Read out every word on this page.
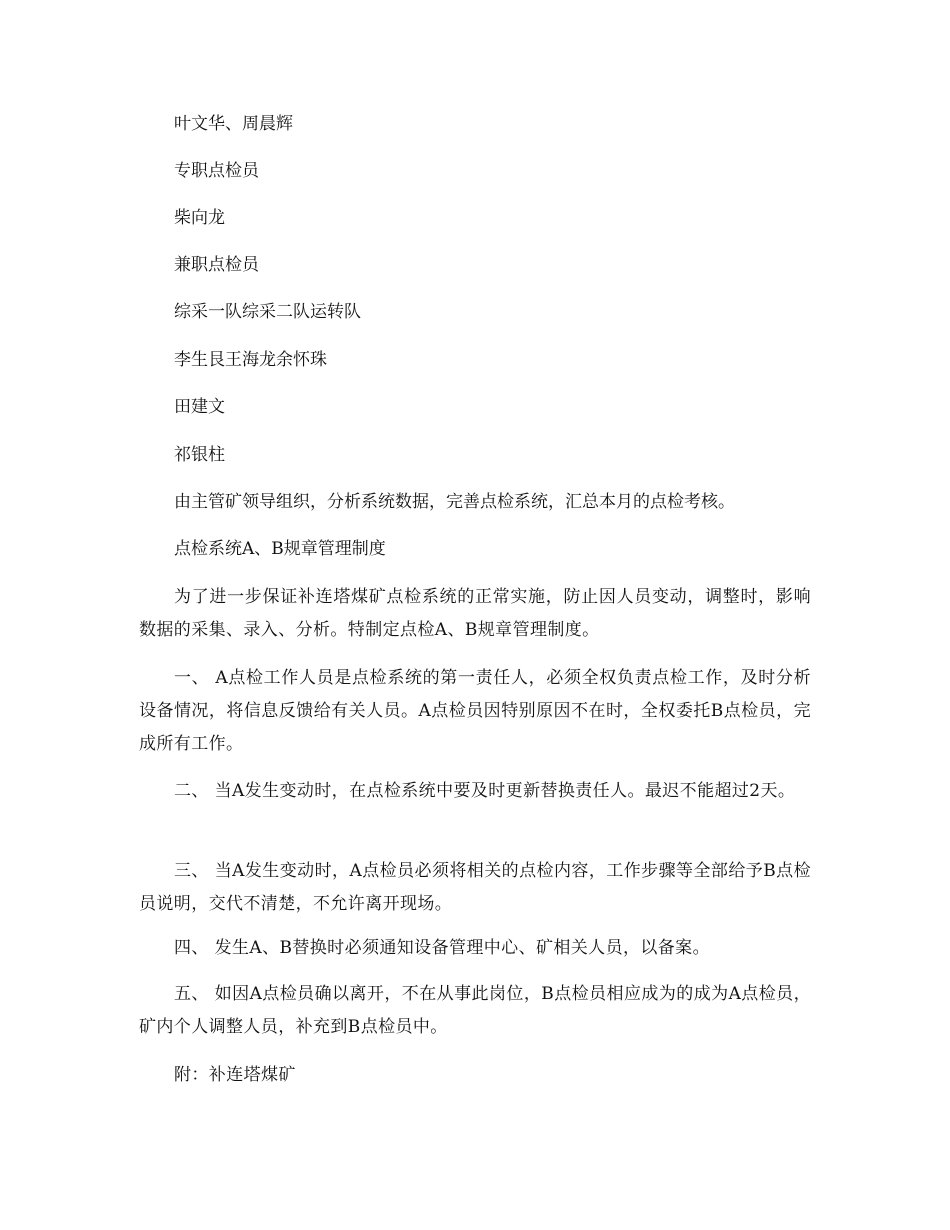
叶文华、周晨辉
专职点检员
柴向龙
兼职点检员
综采一队综采二队运转队
李生艮王海龙余怀珠
田建文
祁银柱
由主管矿领导组织，分析系统数据，完善点检系统，汇总本月的点检考核。
点检系统A、B规章管理制度
为了进一步保证补连塔煤矿点检系统的正常实施，防止因人员变动，调整时，影响数据的采集、录入、分析。特制定点检A、B规章管理制度。
一、 A点检工作人员是点检系统的第一责任人，必须全权负责点检工作，及时分析设备情况，将信息反馈给有关人员。A点检员因特别原因不在时，全权委托B点检员，完成所有工作。
二、 当A发生变动时，在点检系统中要及时更新替换责任人。最迟不能超过2天。
三、 当A发生变动时，A点检员必须将相关的点检内容，工作步骤等全部给予B点检员说明，交代不清楚，不允许离开现场。
四、 发生A、B替换时必须通知设备管理中心、矿相关人员，以备案。
五、 如因A点检员确以离开，不在从事此岗位，B点检员相应成为的成为A点检员，矿内个人调整人员，补充到B点检员中。
附：补连塔煤矿
